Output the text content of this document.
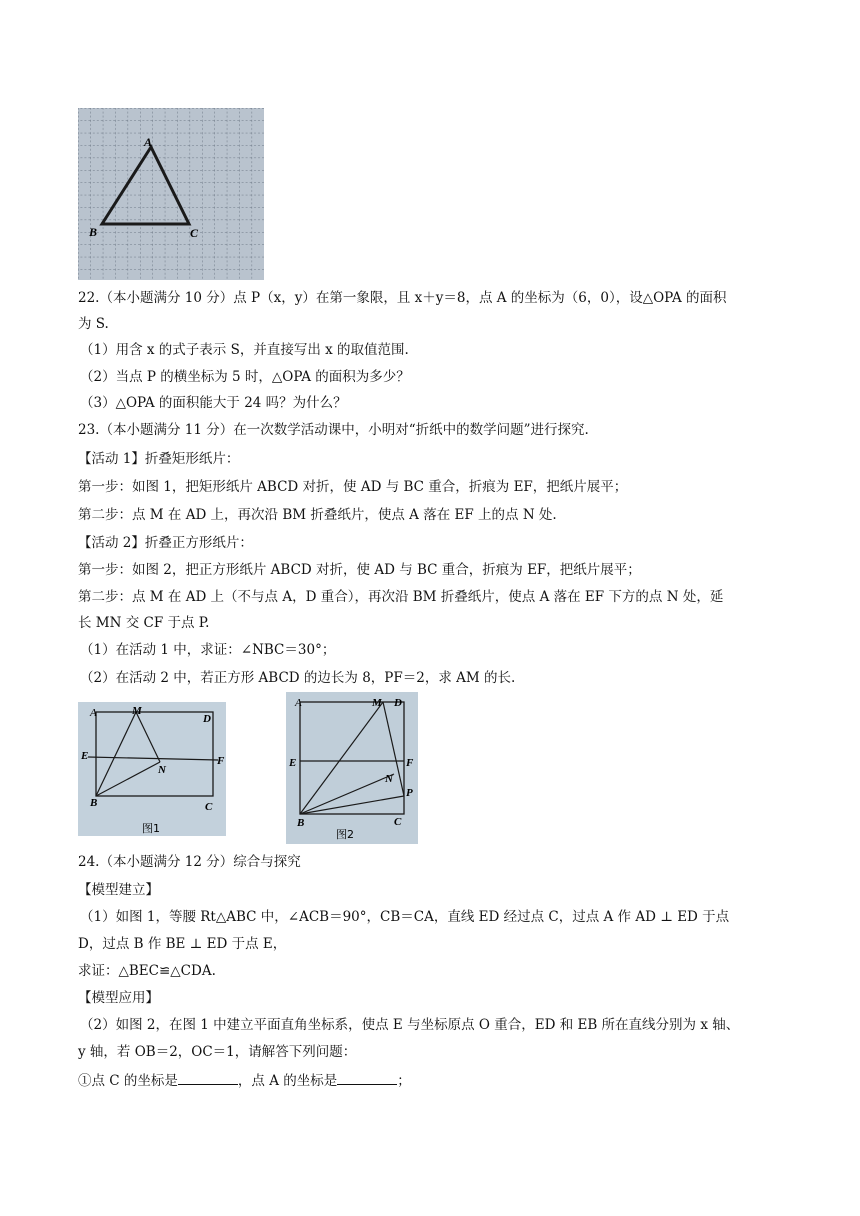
A
B	C
22.（本小题满分 10 分）点 P（x，y）在第一象限，且 x＋y＝8，点 A 的坐标为（6，0），设△OPA 的面积
为 S.
（1）用含 x 的式子表示 S，并直接写出 x 的取值范围.
（2）当点 P 的横坐标为 5 时，△OPA 的面积为多少？
（3）△OPA 的面积能大于 24 吗？为什么？
23.（本小题满分 11 分）在一次数学活动课中，小明对“折纸中的数学问题”进行探究.
【活动 1】折叠矩形纸片：
第一步：如图 1，把矩形纸片 ABCD 对折，使 AD 与 BC 重合，折痕为 EF，把纸片展平；
第二步：点 M 在 AD 上，再次沿 BM 折叠纸片，使点 A 落在 EF 上的点 N 处.
【活动 2】折叠正方形纸片：
第一步：如图 2，把正方形纸片 ABCD 对折，使 AD 与 BC 重合，折痕为 EF，把纸片展平；
第二步：点 M 在 AD 上（不与点 A，D 重合），再次沿 BM 折叠纸片，使点 A 落在 EF 下方的点 N 处，延
长 MN 交 CF 于点 P.
（1）在活动 1 中，求证：∠NBC＝30°；
（2）在活动 2 中，若正方形 ABCD 的边长为 8，PF＝2，求 AM 的长.
A	M
D
E	F
N
B	C
图1
A	M D
E	F
N
P
B	C
图2
24.（本小题满分 12 分）综合与探究
【模型建立】
（1）如图 1，等腰 Rt△ABC 中，∠ACB＝90°，CB＝CA，直线 ED 经过点 C，过点 A 作 AD ⊥ ED 于点
D，过点 B 作 BE ⊥ ED 于点 E，
求证：△BEC≌△CDA.
【模型应用】
（2）如图 2，在图 1 中建立平面直角坐标系，使点 E 与坐标原点 O 重合，ED 和 EB 所在直线分别为 x 轴、
y 轴，若 OB＝2，OC＝1，请解答下列问题：
①点 C 的坐标是	，点 A 的坐标是	；
